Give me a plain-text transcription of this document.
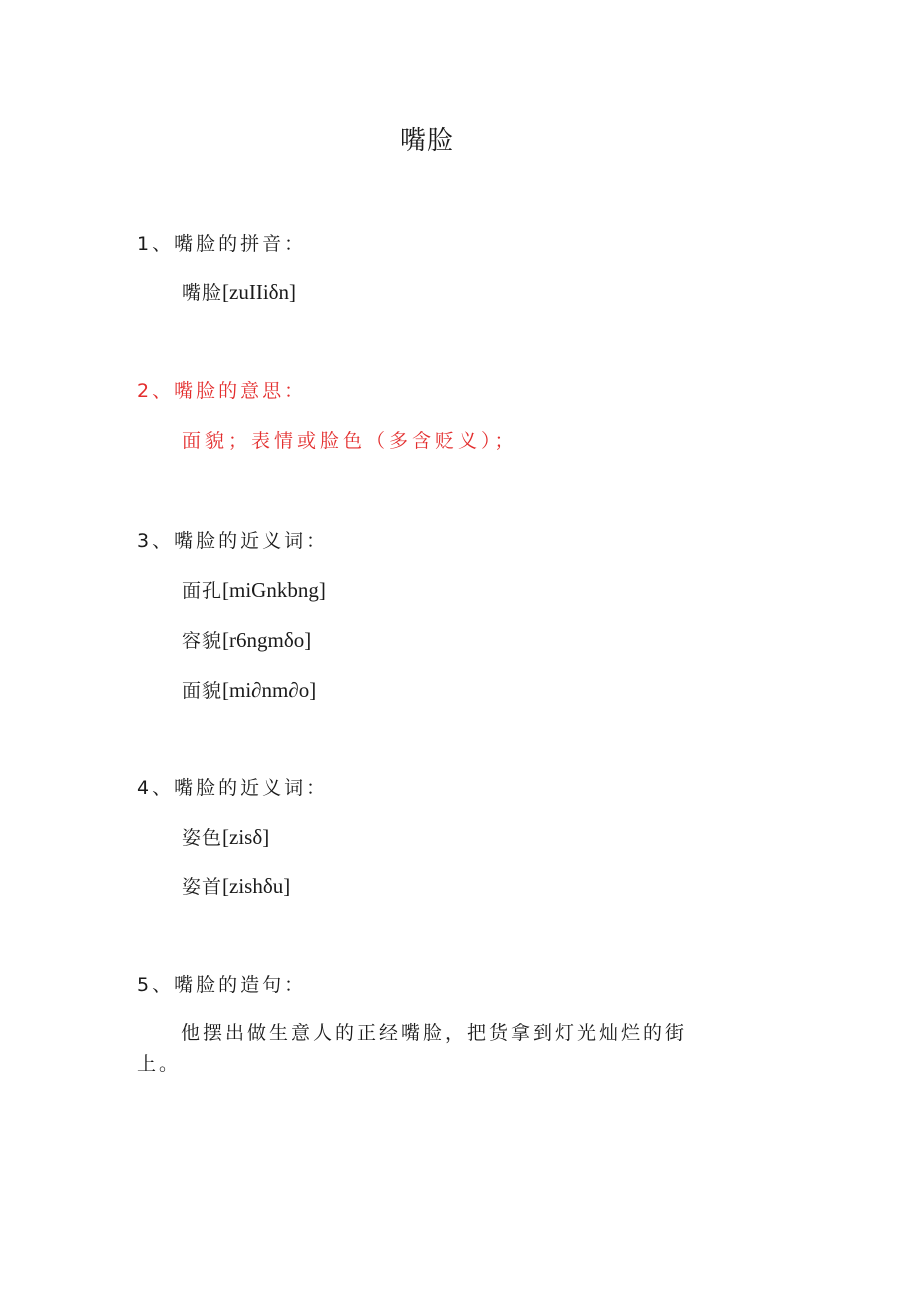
嘴脸
1、嘴脸的拼音：
嘴脸[zuIIiδn]
2、嘴脸的意思：
面貌；表情或脸色（多含贬义）；
3、嘴脸的近义词：
面孔[miGnkbng]
容貌[r6ngmδo]
面貌[mi∂nm∂o]
4、嘴脸的近义词：
姿色[zisδ]
姿首[zishδu]
5、嘴脸的造句：
他摆出做生意人的正经嘴脸，把货拿到灯光灿烂的街上。
